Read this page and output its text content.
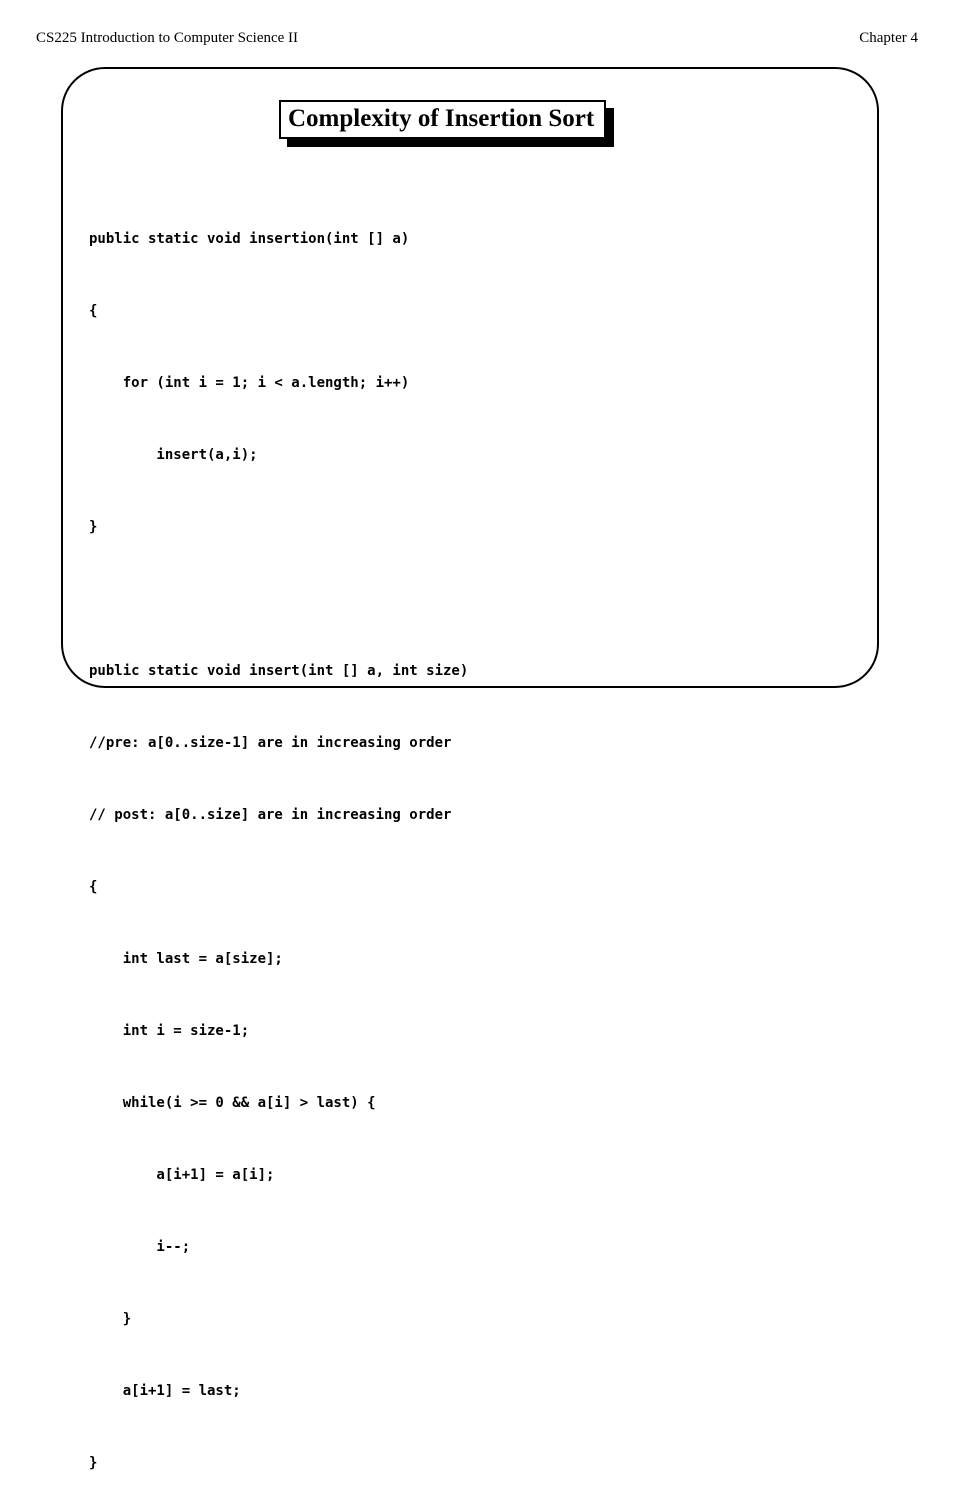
CS225 Introduction to Computer Science II	Chapter 4
Complexity of Insertion Sort

public static void insertion(int [] a)

{

for (int i = 1; i < a.length; i++)

insert(a,i);

}

public static void insert(int [] a, int size)

//pre: a[0..size-1] are in increasing order

// post: a[0..size] are in increasing order

{

int last = a[size];

int i = size-1;

while(i >= 0 && a[i] > last) {

a[i+1] = a[i];

i--;

}

a[i+1] = last;

}
